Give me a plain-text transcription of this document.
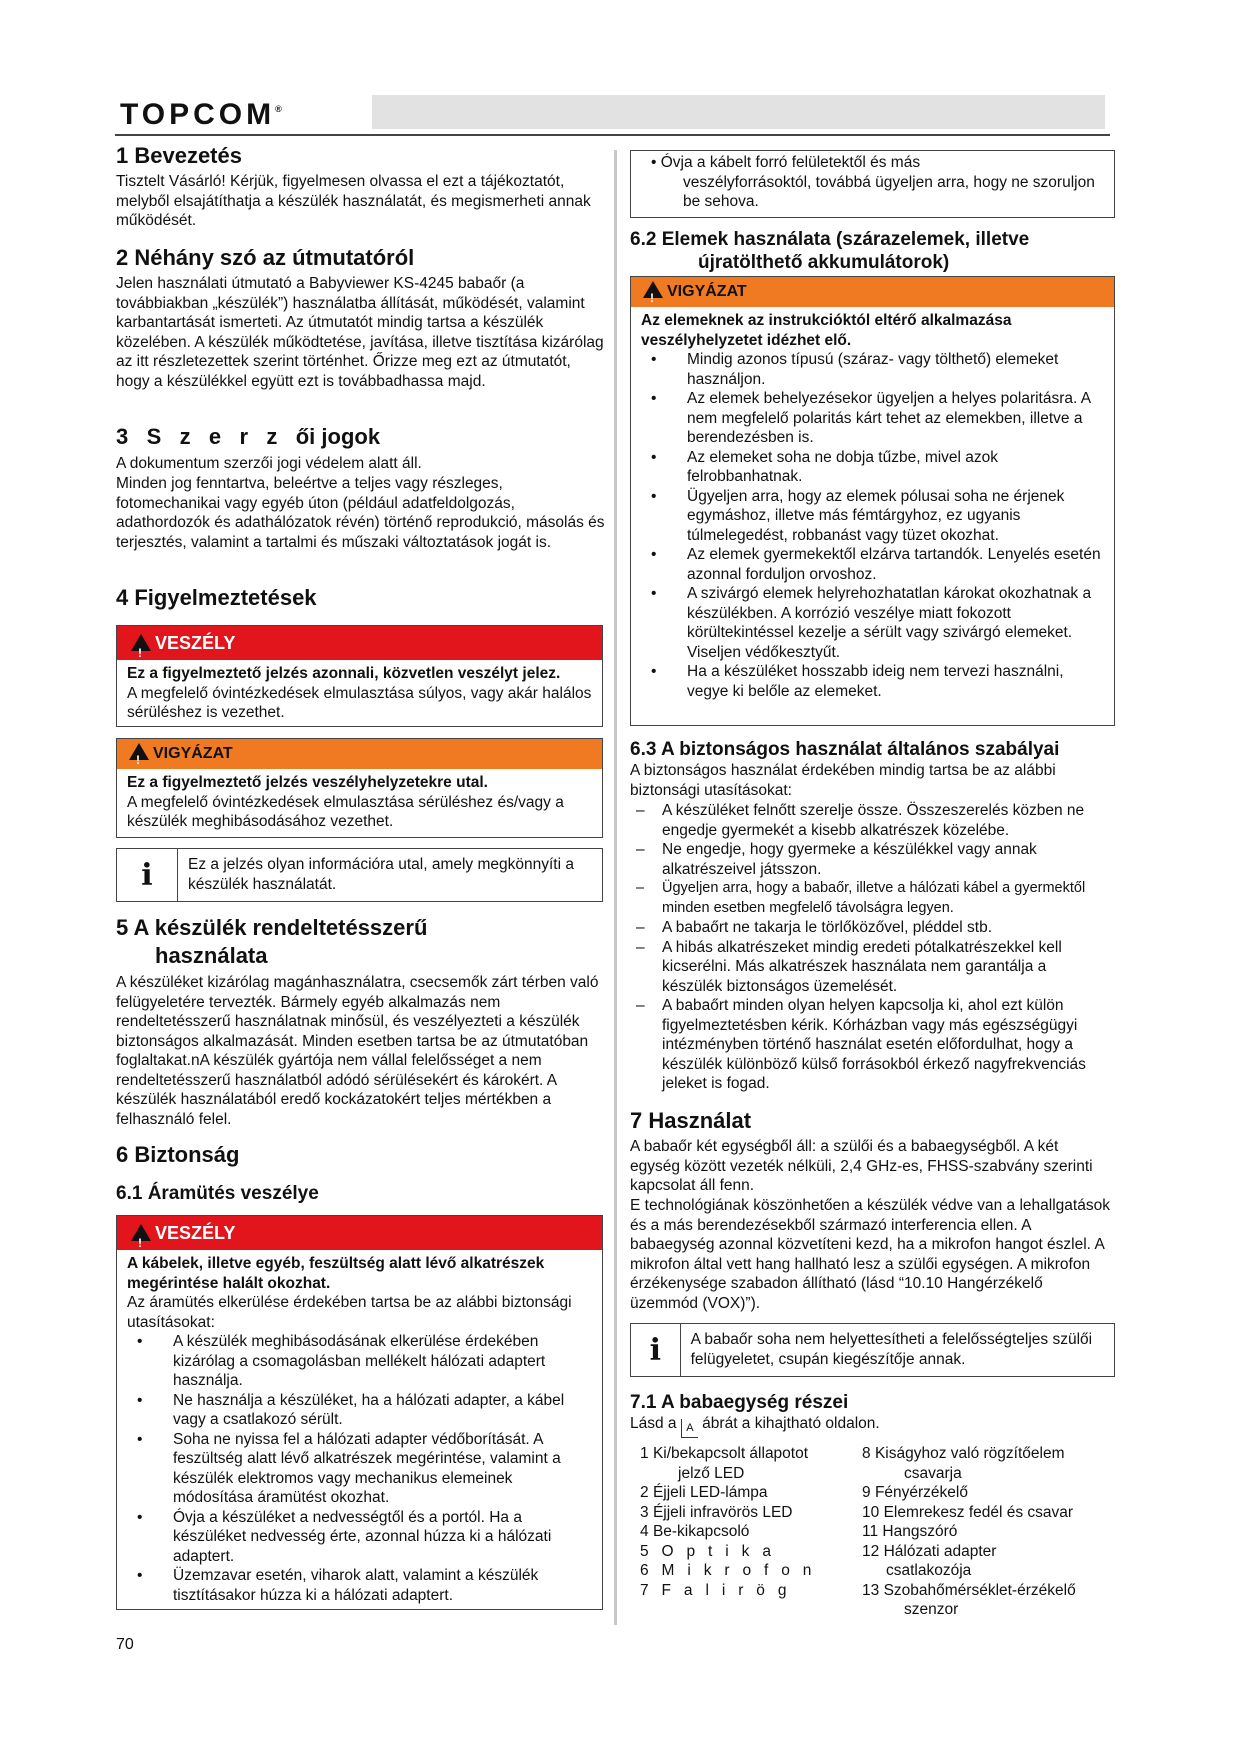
TOPCOM®
1 Bevezetés

Tisztelt Vásárló! Kérjük, figyelmesen olvassa el ezt a tájékoztatót, melyből elsajátíthatja a készülék használatát, és megismerheti annak működését.

2 Néhány szó az útmutatóról

Jelen használati útmutató a Babyviewer KS-4245 babaőr (a továbbiakban „készülék”) használatba állítását, működését, valamint karbantartását ismerteti. Az útmutatót mindig tartsa a készülék közelében. A készülék működtetése, javítása, illetve tisztítása kizárólag az itt részletezettek szerint történhet. Őrizze meg ezt az útmutatót, hogy a készülékkel együtt ezt is továbbadhassa majd.

3   S   z   e   r   z   ői jogok

A dokumentum szerzői jogi védelem alatt áll.

Minden jog fenntartva, beleértve a teljes vagy részleges, fotomechanikai vagy egyéb úton (például adatfeldolgozás, adathordozók és adathálózatok révén) történő reprodukció, másolás és terjesztés, valamint a tartalmi és műszaki változtatások jogát is.

4 Figyelmeztetések
!VESZÉLY
Ez a figyelmeztető jelzés azonnali, közvetlen veszélyt jelez.
A megfelelő óvintézkedések elmulasztása súlyos, vagy akár halálos sérüléshez is vezethet.
!VIGYÁZAT
Ez a figyelmeztető jelzés veszélyhelyzetekre utal.
A megfelelő óvintézkedések elmulasztása sérüléshez és/vagy a készülék meghibásodásához vezethet.
i	Ez a jelzés olyan információra utal, amely megkönnyíti a készülék használatát.
5 A készülék rendeltetésszerű
használata

A készüléket kizárólag magánhasználatra, csecsemők zárt térben való felügyeletére tervezték. Bármely egyéb alkalmazás nem rendeltetésszerű használatnak minősül, és veszélyezteti a készülék biztonságos alkalmazását. Minden esetben tartsa be az útmutatóban foglaltakat.nA készülék gyártója nem vállal felelősséget a nem rendeltetésszerű használatból adódó sérülésekért és károkért. A készülék használatából eredő kockázatokért teljes mértékben a felhasználó felel.

6 Biztonság
6.1 Áramütés veszélye
!VESZÉLY
A kábelek, illetve egyéb, feszültség alatt lévő alkatrészek megérintése halált okozhat.
Az áramütés elkerülése érdekében tartsa be az alábbi biztonsági utasításokat:
• A készülék meghibásodásának elkerülése érdekében kizárólag a csomagolásban mellékelt hálózati adaptert használja.
• Ne használja a készüléket, ha a hálózati adapter, a kábel vagy a csatlakozó sérült.
• Soha ne nyissa fel a hálózati adapter védőborítását. A feszültség alatt lévő alkatrészek megérintése, valamint a készülék elektromos vagy mechanikus elemeinek módosítása áramütést okozhat.
• Óvja a készüléket a nedvességtől és a portól. Ha a készüléket nedvesség érte, azonnal húzza ki a hálózati adaptert.
• Üzemzavar esetén, viharok alatt, valamint a készülék tisztításakor húzza ki a hálózati adaptert.
70
• Óvja a kábelt forró felületektől és más
veszélyforrásoktól, továbbá ügyeljen arra, hogy ne szoruljon be sehova.
6.2 Elemek használata (szárazelemek, illetve
újratölthető akkumulátorok)
!VIGYÁZAT
Az elemeknek az instrukcióktól eltérő alkalmazása veszélyhelyzetet idézhet elő.
• Mindig azonos típusú (száraz- vagy tölthető) elemeket használjon.
• Az elemek behelyezésekor ügyeljen a helyes polaritásra. A nem megfelelő polaritás kárt tehet az elemekben, illetve a berendezésben is.
• Az elemeket soha ne dobja tűzbe, mivel azok felrobbanhatnak.
• Ügyeljen arra, hogy az elemek pólusai soha ne érjenek egymáshoz, illetve más fémtárgyhoz, ez ugyanis túlmelegedést, robbanást vagy tüzet okozhat.
• Az elemek gyermekektől elzárva tartandók. Lenyelés esetén azonnal forduljon orvoshoz.
• A szivárgó elemek helyrehozhatatlan károkat okozhatnak a készülékben. A korrózió veszélye miatt fokozott körültekintéssel kezelje a sérült vagy szivárgó elemeket. Viseljen védőkesztyűt.
• Ha a készüléket hosszabb ideig nem tervezi használni, vegye ki belőle az elemeket.
6.3 A biztonságos használat általános szabályai

A biztonságos használat érdekében mindig tartsa be az alábbi biztonsági utasításokat:

– A készüléket felnőtt szerelje össze. Összeszerelés közben ne engedje gyermekét a kisebb alkatrészek közelébe.
– Ne engedje, hogy gyermeke a készülékkel vagy annak alkatrészeivel játsszon.
– Ügyeljen arra, hogy a babaőr, illetve a hálózati kábel a gyermektől minden esetben megfelelő távolságra legyen.
– A babaőrt ne takarja le törlőközővel, pléddel stb.
– A hibás alkatrészeket mindig eredeti pótalkatrészekkel kell kicserélni. Más alkatrészek használata nem garantálja a készülék biztonságos üzemelését.
– A babaőrt minden olyan helyen kapcsolja ki, ahol ezt külön figyelmeztetésben kérik. Kórházban vagy más egészségügyi intézményben történő használat esetén előfordulhat, hogy a készülék különböző külső forrásokból érkező nagyfrekvenciás jeleket is fogad.
7 Használat

A babaőr két egységből áll: a szülői és a babaegységből. A két egység között vezeték nélküli, 2,4 GHz-es, FHSS-szabvány szerinti kapcsolat áll fenn.

E technológiának köszönhetően a készülék védve van a lehallgatások és a más berendezésekből származó interferencia ellen. A babaegység azonnal közvetíteni kezd, ha a mikrofon hangot észlel. A mikrofon által vett hang hallható lesz a szülői egységen. A mikrofon érzékenysége szabadon állítható (lásd “10.10 Hangérzékelő üzemmód (VOX)”).

i	A babaőr soha nem helyettesítheti a felelősségteljes szülői felügyeletet, csupán kiegészítője annak.
7.1 A babaegység részei
Lásd a A ábrát a kihajtható oldalon.
1 Ki/bekapcsolt állapotot
jelző LED
2 Éjjeli LED-lámpa
3 Éjjeli infravörös LED
4 Be-kikapcsoló
5 O   p   t   i   k   a
6 M   i   k   r   o   f   o   n
7 F   a   l   i   r   ö   g

8 Kiságyhoz való rögzítőelem
csavarja
9 Fényérzékelő
10 Elemrekesz fedél és csavar
11 Hangszóró
12 Hálózati adapter
csatlakozója
13 Szobahőmérséklet-érzékelő
szenzor
